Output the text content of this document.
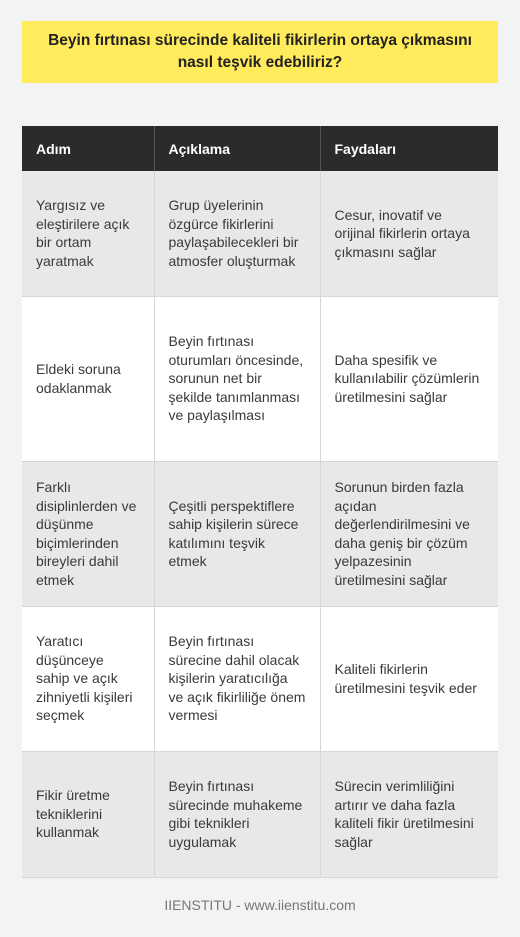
Beyin fırtınası sürecinde kaliteli fikirlerin ortaya çıkmasını nasıl teşvik edebiliriz?
Adım	Açıklama	Faydaları
Yargısız ve eleştirilere açık bir ortam yaratmak	Grup üyelerinin özgürce fikirlerini paylaşabilecekleri bir atmosfer oluşturmak	Cesur, inovatif ve orijinal fikirlerin ortaya çıkmasını sağlar
Eldeki soruna odaklanmak	Beyin fırtınası oturumları öncesinde, sorunun net bir şekilde tanımlanması ve paylaşılması	Daha spesifik ve kullanılabilir çözümlerin üretilmesini sağlar
Farklı disiplinlerden ve düşünme biçimlerinden bireyleri dahil etmek	Çeşitli perspektiflere sahip kişilerin sürece katılımını teşvik etmek	Sorunun birden fazla açıdan değerlendirilmesini ve daha geniş bir çözüm yelpazesinin üretilmesini sağlar
Yaratıcı düşünceye sahip ve açık zihniyetli kişileri seçmek	Beyin fırtınası sürecine dahil olacak kişilerin yaratıcılığa ve açık fikirliliğe önem vermesi	Kaliteli fikirlerin üretilmesini teşvik eder
Fikir üretme tekniklerini kullanmak	Beyin fırtınası sürecinde muhakeme gibi teknikleri uygulamak	Sürecin verimliliğini artırır ve daha fazla kaliteli fikir üretilmesini sağlar
IIENSTITU - www.iienstitu.com
